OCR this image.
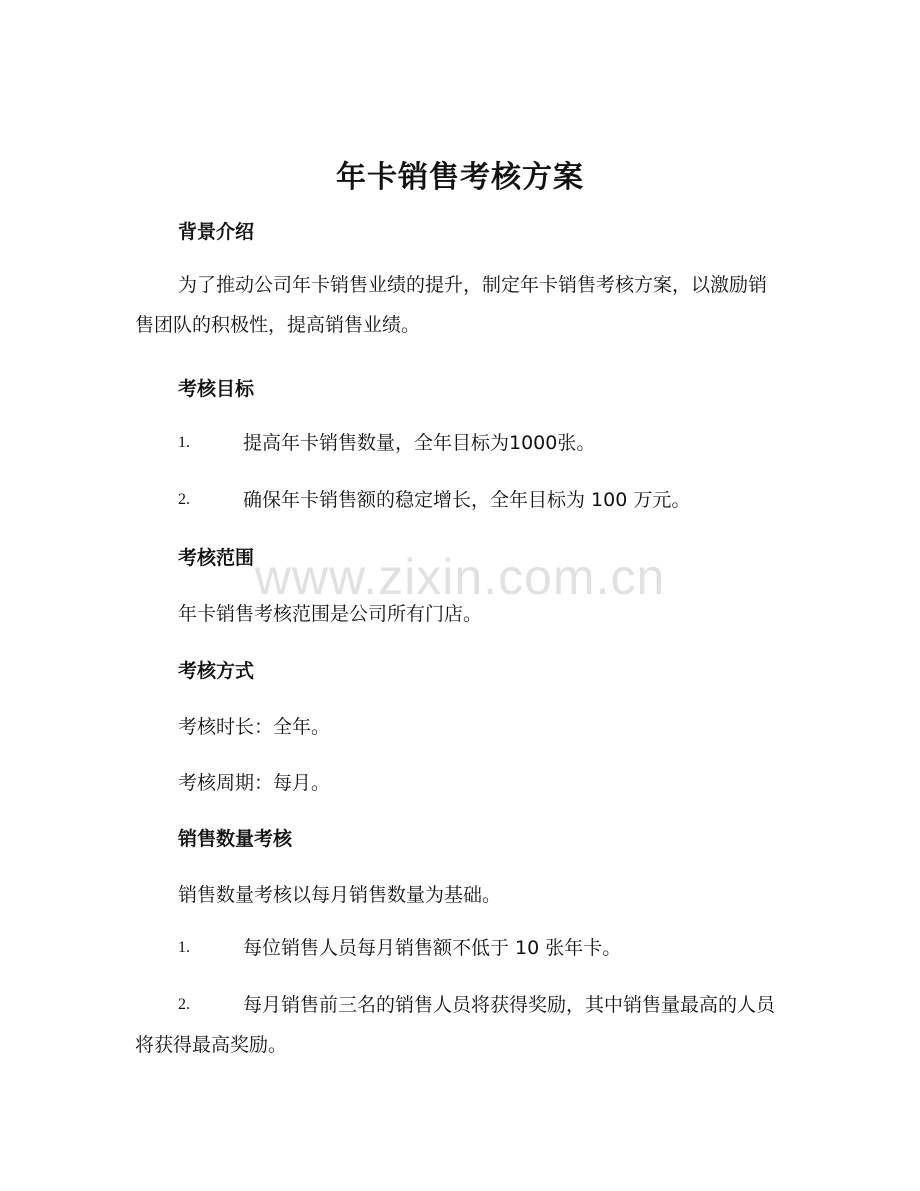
www.zixin.com.cn
年卡销售考核方案
背景介绍
为了推动公司年卡销售业绩的提升，制定年卡销售考核方案，以激励销售团队的积极性，提高销售业绩。
考核目标
1.	提高年卡销售数量，全年目标为1000张。
2.	确保年卡销售额的稳定增长，全年目标为 100 万元。
考核范围
年卡销售考核范围是公司所有门店。
考核方式
考核时长：全年。
考核周期：每月。
销售数量考核
销售数量考核以每月销售数量为基础。
1.	每位销售人员每月销售额不低于 10 张年卡。
2.	每月销售前三名的销售人员将获得奖励，其中销售量最高的人员将获得最高奖励。
